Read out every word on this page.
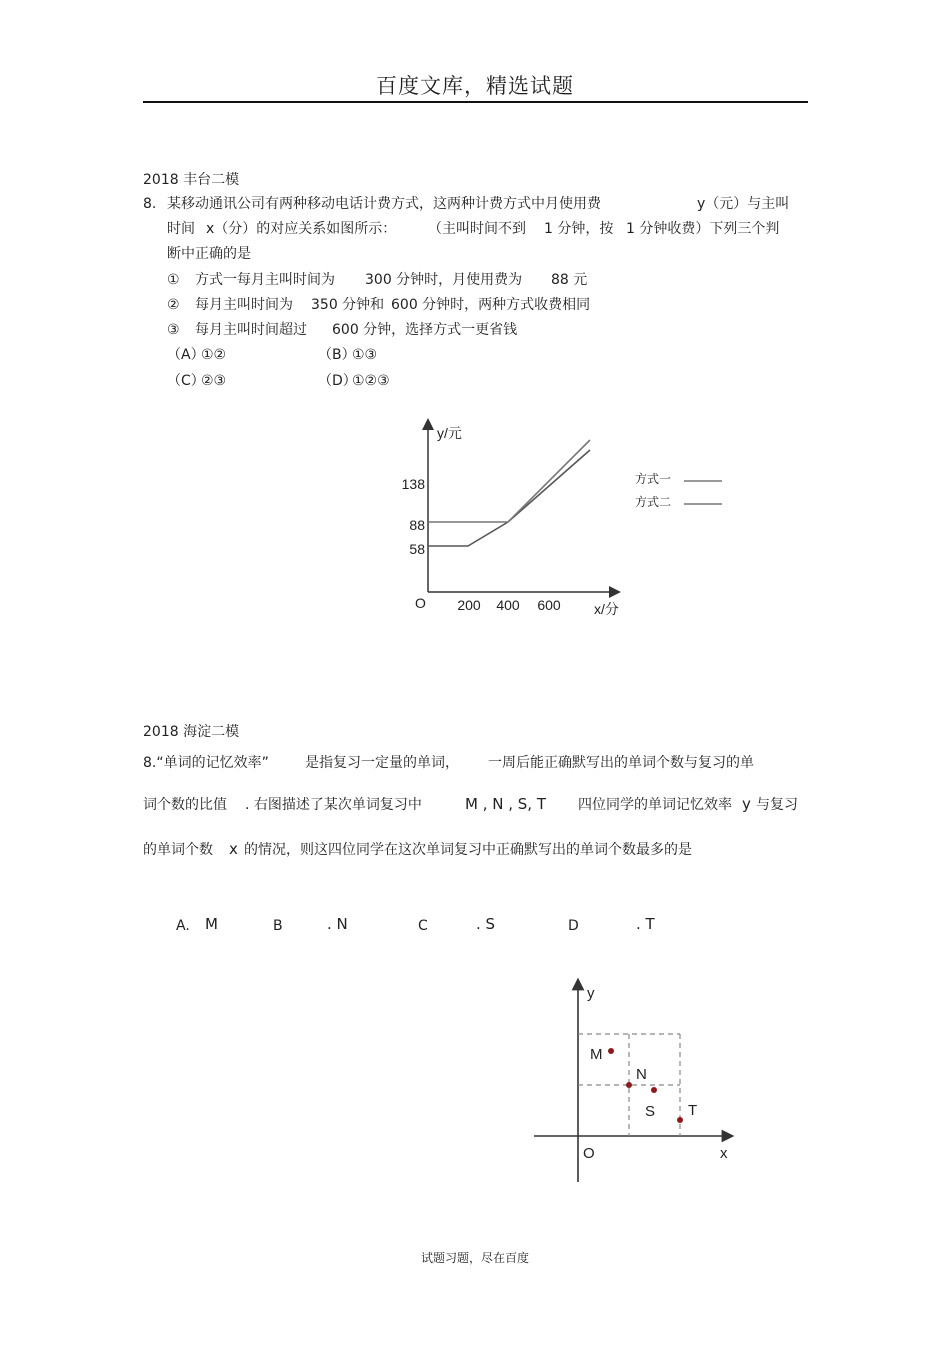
百度文库，精选试题
2018 丰台二模
8. 某移动通讯公司有两种移动电话计费方式，这两种计费方式中月使用费	y（元）与主叫
时间 x（分）的对应关系如图所示： （主叫时间不到 1 分钟，按 1 分钟收费）下列三个判
断中正确的是
① 方式一每月主叫时间为 300 分钟时，月使用费为 88 元
② 每月主叫时间为 350 分钟和 600 分钟时，两种方式收费相同
③ 每月主叫时间超过 600 分钟，选择方式一更省钱
（A）
①②	（B）
①③
（C）
②③	（D）
①②③
y/元
x/分
O 200 400 600
58
88
138	方式一
方式二
2018 海淀二模
8.“单词的记忆效率”	是指复习一定量的单词， 一周后能正确默写出的单词个数与复习的单
词个数的比值 . 右图描述了某次单词复习中	M , N , S, T 四位同学的单词记忆效率 y 与复习
的单词个数 x 的情况，则这四位同学在这次单词复习中正确默写出的单词个数最多的是
A. M	B	. N	C	. S	D	. T
y
x
O
M
N
S T
试题习题，尽在百度
